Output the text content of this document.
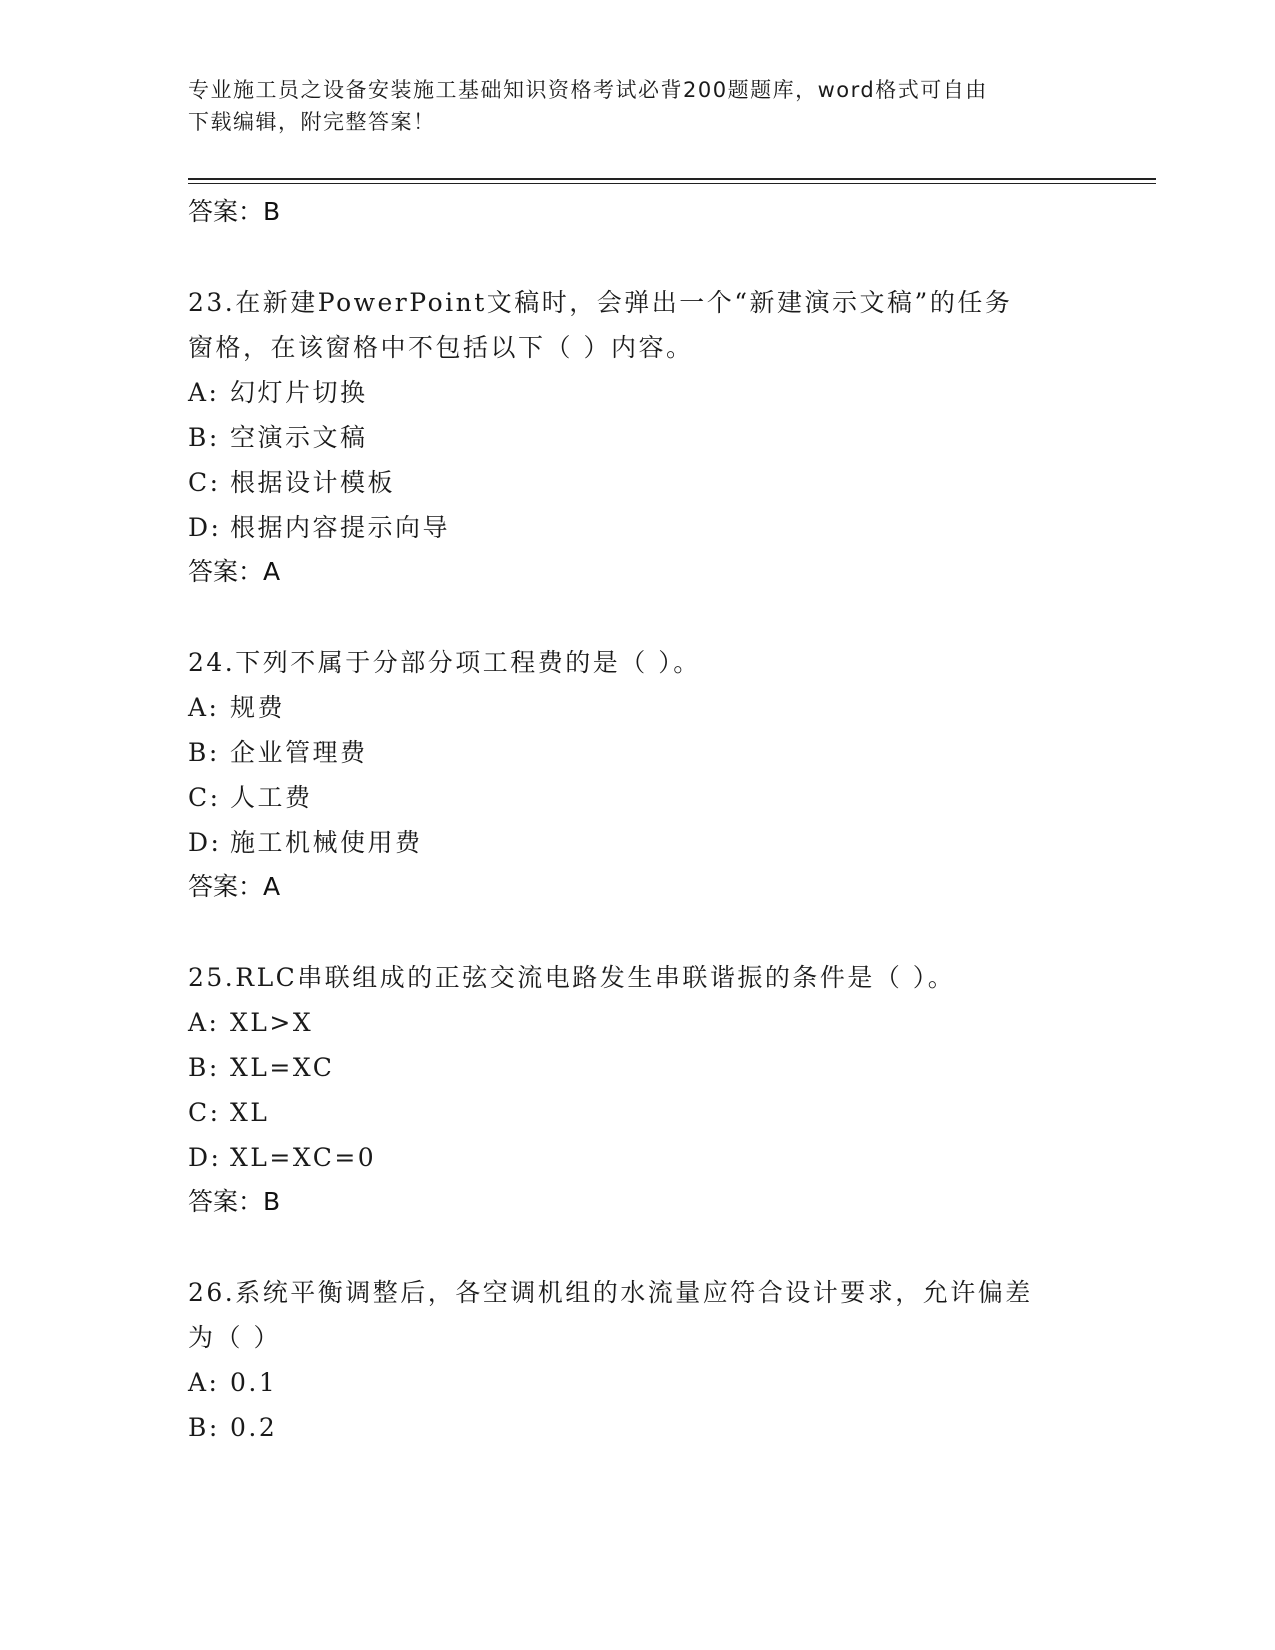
专业施工员之设备安装施工基础知识资格考试必背200题题库，word格式可自由
下载编辑，附完整答案！
答案：B
23.在新建PowerPoint文稿时，会弹出一个“新建演示文稿”的任务
窗格，在该窗格中不包括以下（ ）内容。
A: 幻灯片切换
B: 空演示文稿
C: 根据设计模板
D: 根据内容提示向导
答案：A
24.下列不属于分部分项工程费的是（ ）。
A: 规费
B: 企业管理费
C: 人工费
D: 施工机械使用费
答案：A
25.RLC串联组成的正弦交流电路发生串联谐振的条件是（ ）。
A: XL>X
B: XL=XC
C: XL
D: XL=XC=0
答案：B
26.系统平衡调整后，各空调机组的水流量应符合设计要求，允许偏差
为（ ）
A: 0.1
B: 0.2
